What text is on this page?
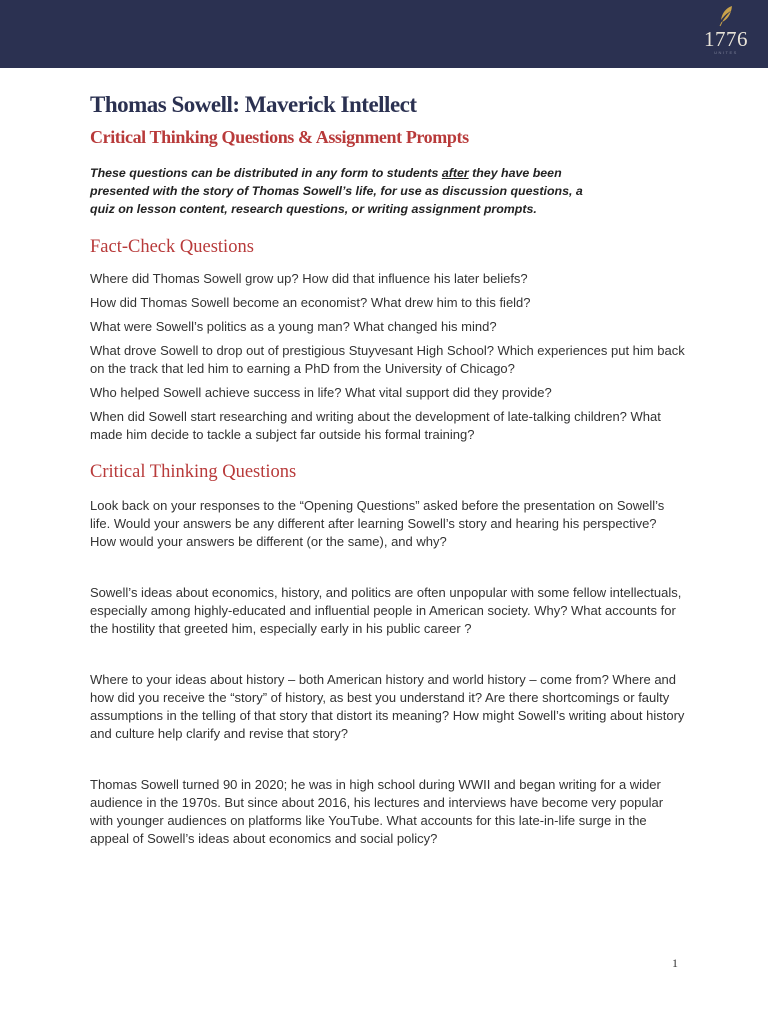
1776
UNITES
Thomas Sowell: Maverick Intellect
Critical Thinking Questions & Assignment Prompts

These questions can be distributed in any form to students after they have been presented with the story of Thomas Sowell’s life, for use as discussion questions, a quiz on lesson content, research questions, or writing assignment prompts.

Fact-Check Questions

Where did Thomas Sowell grow up? How did that influence his later beliefs?

How did Thomas Sowell become an economist? What drew him to this field?

What were Sowell’s politics as a young man? What changed his mind?

What drove Sowell to drop out of prestigious Stuyvesant High School? Which experiences put him back on the track that led him to earning a PhD from the University of Chicago?

Who helped Sowell achieve success in life? What vital support did they provide?

When did Sowell start researching and writing about the development of late-talking children? What made him decide to tackle a subject far outside his formal training?

Critical Thinking Questions

Look back on your responses to the “Opening Questions” asked before the presentation on Sowell’s life. Would your answers be any different after learning Sowell’s story and hearing his perspective? How would your answers be different (or the same), and why?

Sowell’s ideas about economics, history, and politics are often unpopular with some fellow intellectuals, especially among highly-educated and influential people in American society. Why? What accounts for the hostility that greeted him, especially early in his public career ?

Where to your ideas about history – both American history and world history – come from? Where and how did you receive the “story” of history, as best you understand it? Are there shortcomings or faulty assumptions in the telling of that story that distort its meaning? How might Sowell’s writing about history and culture help clarify and revise that story?

Thomas Sowell turned 90 in 2020; he was in high school during WWII and began writing for a wider audience in the 1970s. But since about 2016, his lectures and interviews have become very popular with younger audiences on platforms like YouTube. What accounts for this late-in-life surge in the appeal of Sowell’s ideas about economics and social policy?

1
